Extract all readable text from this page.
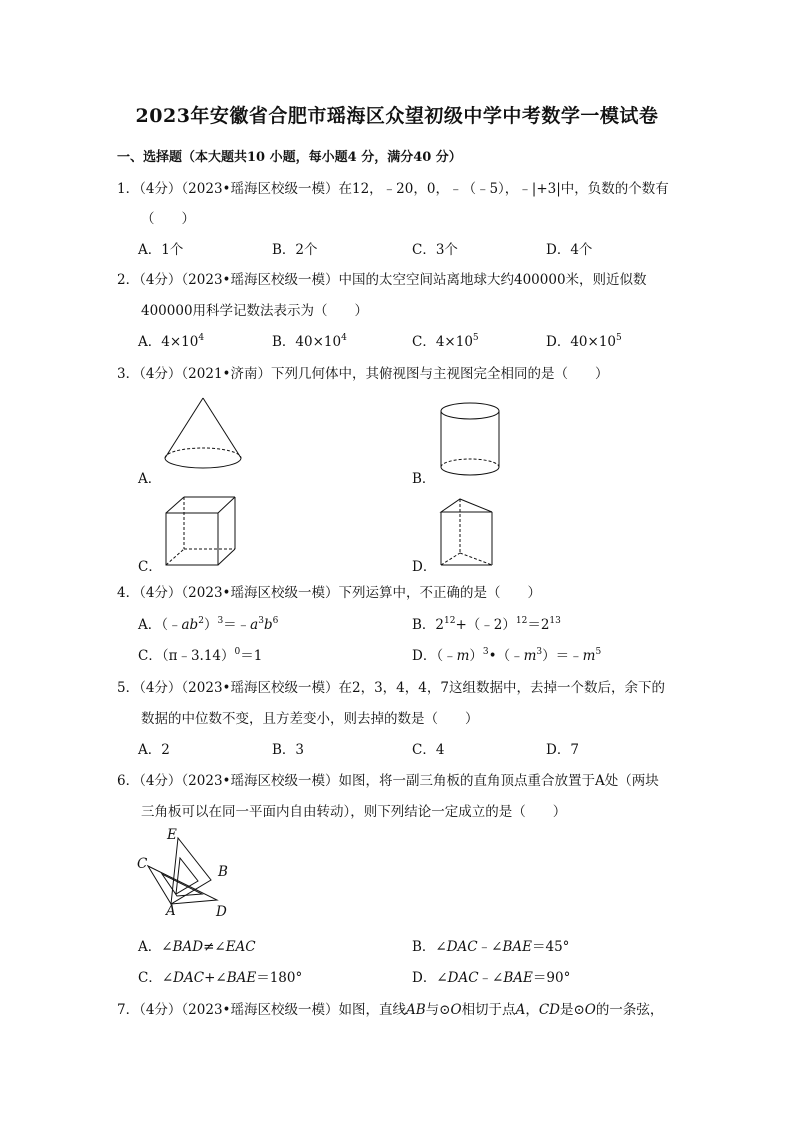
2023年安徽省合肥市瑶海区众望初级中学中考数学一模试卷
一、选择题（本大题共10 小题，每小题4 分，满分40 分）
1．（4分）（2023•瑶海区校级一模）在12，﹣20，0，﹣（﹣5），﹣|+3|中，负数的个数有
（　　）
A．1个	B．2个	C．3个	D．4个
2．（4分）（2023•瑶海区校级一模）中国的太空空间站离地球大约400000米，则近似数
400000用科学记数法表示为（　　）
A．$4\times 10^4$	B．$40\times 10^4$	C．$4\times 10^5$	D．$40\times 10^5$
3．（4分）（2021•济南）下列几何体中，其俯视图与主视图完全相同的是（　　）
A．	B．
C．	D．
4．（4分）（2023•瑶海区校级一模）下列运算中，不正确的是（　　）
A．$(﹣ab^2)^3=﹣a^3b^6$	B．$2^{12}+(﹣2)^{12}=2^{13}$
C．（π﹣3.14）$^0$＝1	D．$(﹣m)^3•(﹣m^3)=﹣m^5$
5．（4分）（2023•瑶海区校级一模）在2，3，4，4，7这组数据中，去掉一个数后，余下的
数据的中位数不变，且方差变小，则去掉的数是（　　）
A．2	B．3	C．4	D．7
6．（4分）（2023•瑶海区校级一模）如图，将一副三角板的直角顶点重合放置于A处（两块
三角板可以在同一平面内自由转动），则下列结论一定成立的是（　　）
E
C	B
A	D
A．∠BAD≠∠EAC	B．∠DAC﹣∠BAE＝45°
C．∠DAC+∠BAE＝180°	D．∠DAC﹣∠BAE＝90°
7．（4分）（2023•瑶海区校级一模）如图，直线AB与⊙O相切于点A，CD是⊙O的一条弦，
